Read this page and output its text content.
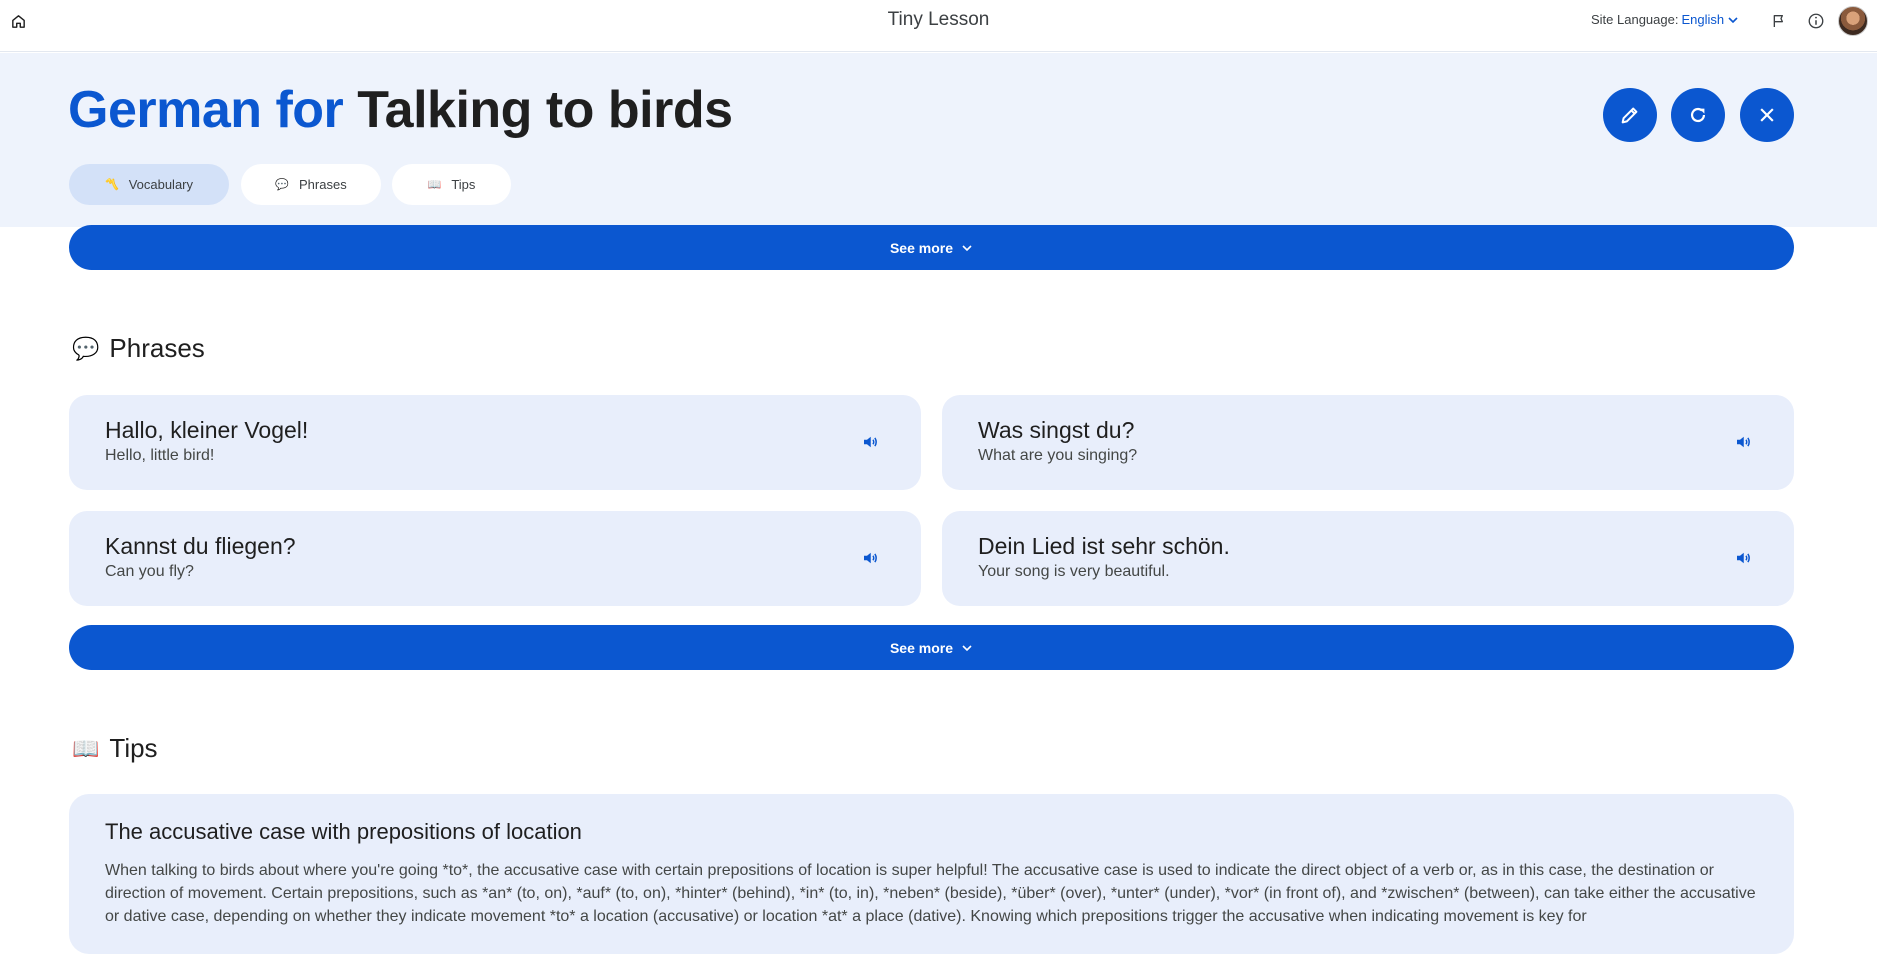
Tiny Lesson	Site Language: English
German for Talking to birds
〽️ Vocabulary	💬 Phrases	📖 Tips
See more
💬 Phrases
Hallo, kleiner Vogel!
Hello, little bird!
Was singst du?
What are you singing?
Kannst du fliegen?
Can you fly?
Dein Lied ist sehr schön.
Your song is very beautiful.
See more
📖 Tips
The accusative case with prepositions of location
When talking to birds about where you're going *to*, the accusative case with certain prepositions of location is super helpful! The accusative case is used to indicate the direct object of a verb or, as in this case, the destination or direction of movement. Certain prepositions, such as *an* (to, on), *auf* (to, on), *hinter* (behind), *in* (to, in), *neben* (beside), *über* (over), *unter* (under), *vor* (in front of), and *zwischen* (between), can take either the accusative or dative case, depending on whether they indicate movement *to* a location (accusative) or location *at* a place (dative). Knowing which prepositions trigger the accusative when indicating movement is key for
